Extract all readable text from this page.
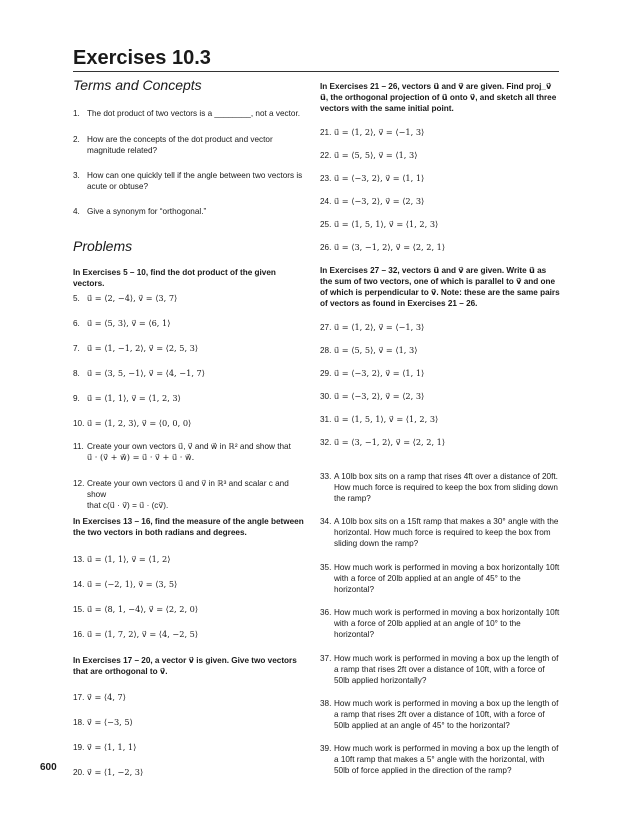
Exercises 10.3
Terms and Concepts
1. The dot product of two vectors is a ________, not a vector.
2. How are the concepts of the dot product and vector magnitude related?
3. How can one quickly tell if the angle between two vectors is acute or obtuse?
4. Give a synonym for “orthogonal.”
Problems
In Exercises 5 – 10, find the dot product of the given vectors.
5. u⃗ = ⟨2, −4⟩, v⃗ = ⟨3, 7⟩
6. u⃗ = ⟨5, 3⟩, v⃗ = ⟨6, 1⟩
7. u⃗ = ⟨1, −1, 2⟩, v⃗ = ⟨2, 5, 3⟩
8. u⃗ = ⟨3, 5, −1⟩, v⃗ = ⟨4, −1, 7⟩
9. u⃗ = ⟨1, 1⟩, v⃗ = ⟨1, 2, 3⟩
10. u⃗ = ⟨1, 2, 3⟩, v⃗ = ⟨0, 0, 0⟩
11. Create your own vectors u⃗, v⃗ and w⃗ in ℝ² and show that
u⃗ · (v⃗ + w⃗) = u⃗ · v⃗ + u⃗ · w⃗.
12. Create your own vectors u⃗ and v⃗ in ℝ³ and scalar c and show
that c(u⃗ · v⃗) = u⃗ · (cv⃗).
In Exercises 13 – 16, find the measure of the angle between the two vectors in both radians and degrees.
13. u⃗ = ⟨1, 1⟩, v⃗ = ⟨1, 2⟩
14. u⃗ = ⟨−2, 1⟩, v⃗ = ⟨3, 5⟩
15. u⃗ = ⟨8, 1, −4⟩, v⃗ = ⟨2, 2, 0⟩
16. u⃗ = ⟨1, 7, 2⟩, v⃗ = ⟨4, −2, 5⟩
In Exercises 17 – 20, a vector v⃗ is given. Give two vectors that are orthogonal to v⃗.
17. v⃗ = ⟨4, 7⟩
18. v⃗ = ⟨−3, 5⟩
19. v⃗ = ⟨1, 1, 1⟩
20. v⃗ = ⟨1, −2, 3⟩
600
In Exercises 21 – 26, vectors u⃗ and v⃗ are given. Find proj_v⃗ u⃗, the orthogonal projection of u⃗ onto v⃗, and sketch all three vectors with the same initial point.
21. u⃗ = ⟨1, 2⟩, v⃗ = ⟨−1, 3⟩
22. u⃗ = ⟨5, 5⟩, v⃗ = ⟨1, 3⟩
23. u⃗ = ⟨−3, 2⟩, v⃗ = ⟨1, 1⟩
24. u⃗ = ⟨−3, 2⟩, v⃗ = ⟨2, 3⟩
25. u⃗ = ⟨1, 5, 1⟩, v⃗ = ⟨1, 2, 3⟩
26. u⃗ = ⟨3, −1, 2⟩, v⃗ = ⟨2, 2, 1⟩
In Exercises 27 – 32, vectors u⃗ and v⃗ are given. Write u⃗ as the sum of two vectors, one of which is parallel to v⃗ and one of which is perpendicular to v⃗. Note: these are the same pairs of vectors as found in Exercises 21 – 26.
27. u⃗ = ⟨1, 2⟩, v⃗ = ⟨−1, 3⟩
28. u⃗ = ⟨5, 5⟩, v⃗ = ⟨1, 3⟩
29. u⃗ = ⟨−3, 2⟩, v⃗ = ⟨1, 1⟩
30. u⃗ = ⟨−3, 2⟩, v⃗ = ⟨2, 3⟩
31. u⃗ = ⟨1, 5, 1⟩, v⃗ = ⟨1, 2, 3⟩
32. u⃗ = ⟨3, −1, 2⟩, v⃗ = ⟨2, 2, 1⟩
33. A 10lb box sits on a ramp that rises 4ft over a distance of 20ft. How much force is required to keep the box from sliding down the ramp?
34. A 10lb box sits on a 15ft ramp that makes a 30° angle with the horizontal. How much force is required to keep the box from sliding down the ramp?
35. How much work is performed in moving a box horizontally 10ft with a force of 20lb applied at an angle of 45° to the horizontal?
36. How much work is performed in moving a box horizontally 10ft with a force of 20lb applied at an angle of 10° to the horizontal?
37. How much work is performed in moving a box up the length of a ramp that rises 2ft over a distance of 10ft, with a force of 50lb applied horizontally?
38. How much work is performed in moving a box up the length of a ramp that rises 2ft over a distance of 10ft, with a force of 50lb applied at an angle of 45° to the horizontal?
39. How much work is performed in moving a box up the length of a 10ft ramp that makes a 5° angle with the horizontal, with 50lb of force applied in the direction of the ramp?
